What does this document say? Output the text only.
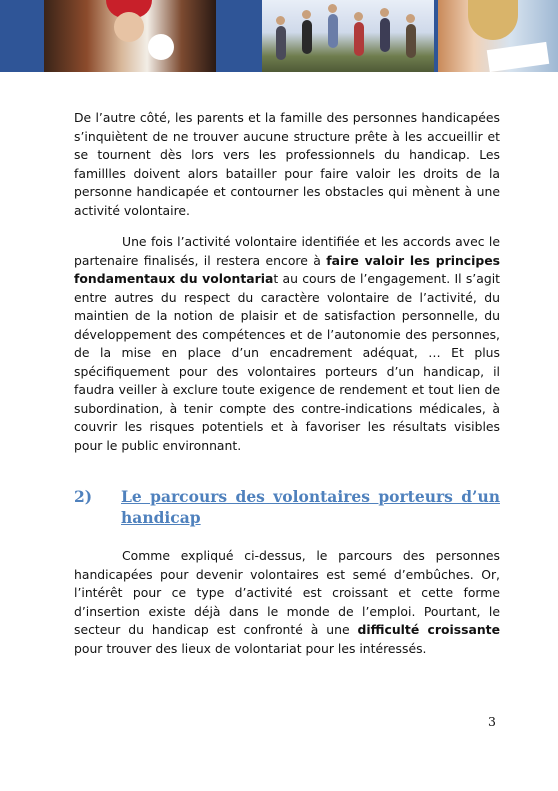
De l’autre côté, les parents et la famille des personnes handicapées s’inquiètent de ne trouver aucune structure prête à les accueillir et se tournent dès lors vers les professionnels du handicap. Les famillles doivent alors batailler pour faire valoir les droits de la personne handicapée et contourner les obstacles qui mènent à une activité volontaire.

Une fois l’activité volontaire identifiée et les accords avec le partenaire finalisés, il restera encore à faire valoir les principes fondamentaux du volontariat au cours de l’engagement. Il s’agit entre autres du respect du caractère volontaire de l’activité, du maintien de la notion de plaisir et de satisfaction personnelle, du développement des compétences et de l’autonomie des personnes, de la mise en place d’un encadrement adéquat, … Et plus spécifiquement pour des volontaires porteurs d’un handicap, il faudra veiller à exclure toute exigence de rendement et tout lien de subordination, à tenir compte des contre-indications médicales, à couvrir les risques potentiels et à favoriser les résultats visibles pour le public environnant.

2) Le parcours des volontaires porteurs d’un handicap

Comme expliqué ci-dessus, le parcours des personnes handicapées pour devenir volontaires est semé d’embûches. Or, l’intérêt pour ce type d’activité est croissant et cette forme d’insertion existe déjà dans le monde de l’emploi. Pourtant, le secteur du handicap est confronté à une difficulté croissante pour trouver des lieux de volontariat pour les intéressés.

3
